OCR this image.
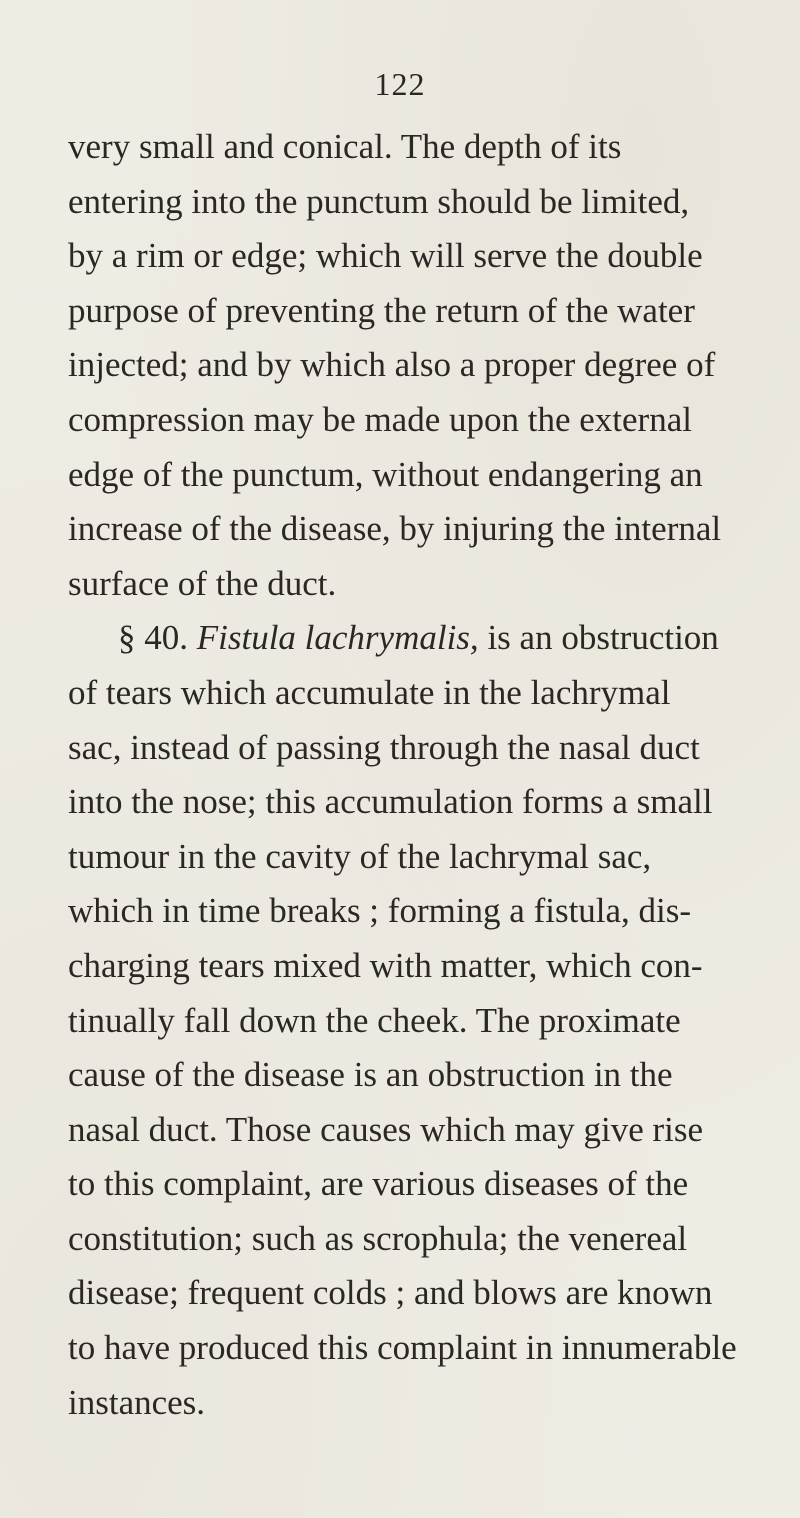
122
very small and conical. The depth of its
entering into the punctum should be limited,
by a rim or edge; which will serve the double
purpose of preventing the return of the water
injected; and by which also a proper degree of
compression may be made upon the external
edge of the punctum, without endangering an
increase of the disease, by injuring the internal
surface of the duct.
§ 40. Fistula lachrymalis, is an obstruction
of tears which accumulate in the lachrymal
sac, instead of passing through the nasal duct
into the nose; this accumulation forms a small
tumour in the cavity of the lachrymal sac,
which in time breaks ; forming a fistula, dis-
charging tears mixed with matter, which con-
tinually fall down the cheek. The proximate
cause of the disease is an obstruction in the
nasal duct. Those causes which may give rise
to this complaint, are various diseases of the
constitution; such as scrophula; the venereal
disease; frequent colds ; and blows are known
to have produced this complaint in innumerable
instances.
